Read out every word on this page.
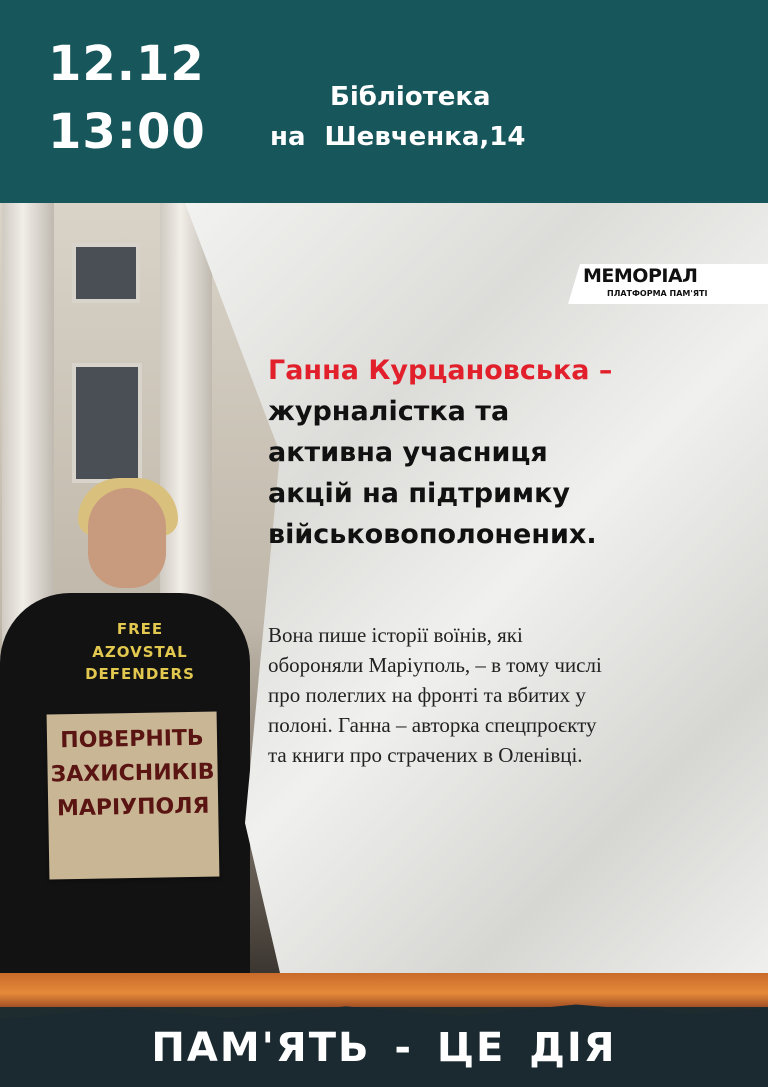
12.12
13:00
Бібліотека
на Шевченка,14
FREE
AZOVSTAL
DEFENDERS
ПОВЕРНІТЬ
ЗАХИСНИКІВ
МАРІУПОЛЯ
МЕМОРІАЛ
ПЛАТФОРМА ПАМ'ЯТІ
Ганна Курцановська –
журналістка та
активна учасниця
акцій на підтримку
військовополонених.
Вона пише історії воїнів, які
обороняли Маріуполь, – в тому числі
про полеглих на фронті та вбитих у
полоні. Ганна – авторка спецпроєкту
та книги про страчених в Оленівці.
ПАМ'ЯТЬ - ЦЕ ДІЯ
